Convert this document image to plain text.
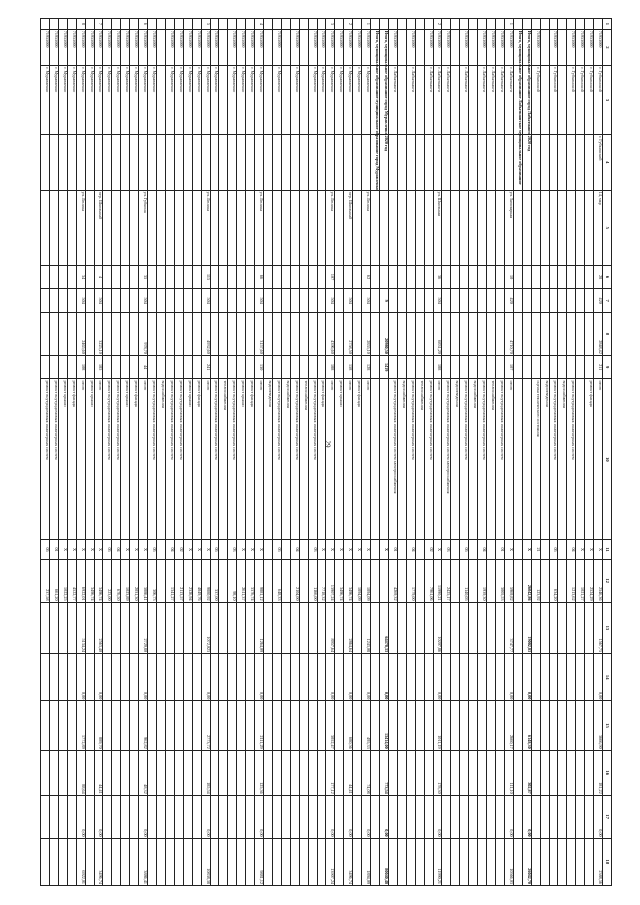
29
1	2	3	4	5	6	7	8	9	10	11	12	13	14	15	16	17	18
	71953000	г. Губкинский	г. Губкинский	14, мкр	28	420	2848,42	211	итого	Х	2546,36	1567,75	0,00	3666,90	181,22	0,00	2388,56
	71953000	г. Губкинский							ремонт фасада	Х	2524,29						
	71953000	г. Губкинский								Х	1021,27						
	71953000	г. Губкинский							ремонт внутридомовых инженерных систем	04	1213,62						
									водоснабжения								
	71953000	г. Губкинский							ремонт внутридомовых инженерных систем	05	634,20						
									водоотведения								
	71953000	г. Губкинский							оценка технического состояния	21	123,92						
	Итого, муниципальное образование город Лабытнанги 2020 год									Х	26042,86	19002,83	0,00	6148,30	302,87	0,00	26042,70
	Итого, муниципальное образование Лабытнангское муниципальное образование																
1	71953000	г. Лабытнанги		ул. Заполярная	10	420	4710,70	107	итого	Х	5969,82	3747,77	0,00	2660,17	111,10	0,00	10566,03
	71953000	г. Лабытнанги							ремонт внутридомовых инженерных систем	01	3005,53						
	71953000	г. Лабытнанги							теплоснабжения								
	71953000	г. Лабытнанги							ремонт внутридомовых инженерных систем	04	1939,30						
									водоснабжения								
	71953000	г. Лабытнанги							ремонт внутридомовых инженерных систем	05	1140,05						
									водоотведения								
	71953000	г. Лабытнанги							ремонт внутридомовых инженерных систем электроснабжения	03	2425,17						
2	71953000	г. Лабытнанги		ул. Школьная	36	504	6831,20	188	итого	Х	11990,21	10207,86	0,00	1011,19	178,30	0,00	11990,21
	71953000	г. Лабытнанги							ремонт внутридомовых инженерных систем	02	7961,06						
									теплоснабжения								
	71953000	г. Лабытнанги							ремонт внутридомовых инженерных систем	04	1779,00						
									водоснабжения								
	71953000	г. Лабытнанги							ремонт внутридомовых инженерных систем электроснабжения	01	4269,32						
	Итого, муниципальное образование город Муравленко 2020 год					9	20980,50	1419		Х		64478,33	0,00	13414,00	773,54	0,00	80040,48
	Итого, муниципальное образование муниципальное образование город Муравленко																
1	71955000	г. Муравленко		ул. Ленина	62	504	2855,10	128	итого	Х	1894,09	1243,08	0,00	495,33	74,08	0,00	1894,09
	71955000	г. Муравленко							ремонт фасада	Х	1894,09						
2	71955000	г. Муравленко		пер. Школьный		504	2758,50	158	итого	Х	3496,74	2864,64	0,00	680,56	44,41	0,00	3496,74
	71955000	г. Муравленко							ремонт крыши	Х	3496,74						
3	71955000	г. Муравленко		ул. Ленина	107	504	4396,60	188	итого	Х	13907,24	8957,64	0,00	3052,47	177,12	0,00	13907,24
	71955000	г. Муравленко							ремонт фасада	Х	7718,32						
	71955000	г. Муравленко							ремонт внутридомовых инженерных систем	03	1166,00						
									теплоснабжения								
	71955000	г. Муравленко							ремонт внутридомовых инженерных систем	04	2104,00						
									водоснабжения								
	71955000	г. Муравленко							ремонт внутридомовых инженерных систем	05	648,33						
									водоотведения								
4	71955000	г. Муравленко		ул. Ленина	66	504	3157,60	130	итого	Х	9881,12	1264,09	0,00	2111,29	125,36	0,00	9881,12
	71955000	г. Муравленко							ремонт фасада	Х	3376,74						
	71955000	г. Муравленко							ремонт крыши	Х	2611,37						
	71955000	г. Муравленко							ремонт внутридомовых инженерных систем	03	98,10						
									теплоснабжения								
	71955000	г. Муравленко							ремонт внутридомовых инженерных систем	05	337,00						
5	71955000	г. Муравленко		ул. Ленина	115	504	4932,60	241	итого	Х	9880,92	1072,023	0,00	2773,72	185,54	0,00	10838,38
	71955000	г. Муравленко							ремонт фасада	Х	4849,76						
	71955000	г. Муравленко							ремонт крыши	Х	2326,94						
	71955000	г. Муравленко							ремонт внутридомовых инженерных систем	02	2113,57						
	71955000	г. Муравленко							ремонт внутридомовых инженерных систем	04	1341,27						
									водоснабжения								
	71955000	г. Муравленко							ремонт внутридомовых инженерных систем	05	306,73						
6	71955000	г. Муравленко		ул. Губкина	35	504	978,70	44	итого	Х	3886,41	2729,80	0,00	962,82	48,32	0,00	3886,41
	71955000	г. Муравленко							ремонт фасада	Х	2031,30						
	71955000	г. Муравленко							ремонт крыши	Х	1023,89						
	71955000	г. Муравленко							ремонт внутридомовых инженерных систем	04	676,50						
	71955000	г. Муравленко							ремонт внутридомовых инженерных систем	05	223,00						
7	71955000	г. Муравленко		пер. Школьный	4	504	3225,10	185	итого	Х	3496,74	2563,40	0,00	889,70	44,41	0,00	3496,74
	71955000	г. Муравленко							ремонт крыши	Х	3496,74						
8	71955000	г. Муравленко		ул. Ленина	34	504	2465,60	108	итого	Х	6922,01	5134,24	0,00	1772,89	88,64	0,00	6922,01
	71955000	г. Муравленко							ремонт фасада	Х	4522,77						
	71955000	г. Муравленко							ремонт крыши	Х	1022,25						
	71955000	г. Муравленко							ремонт внутридомовых инженерных систем	01	661,20						
	71955000	г. Муравленко							ремонт внутридомовых инженерных систем	05	237,58						
